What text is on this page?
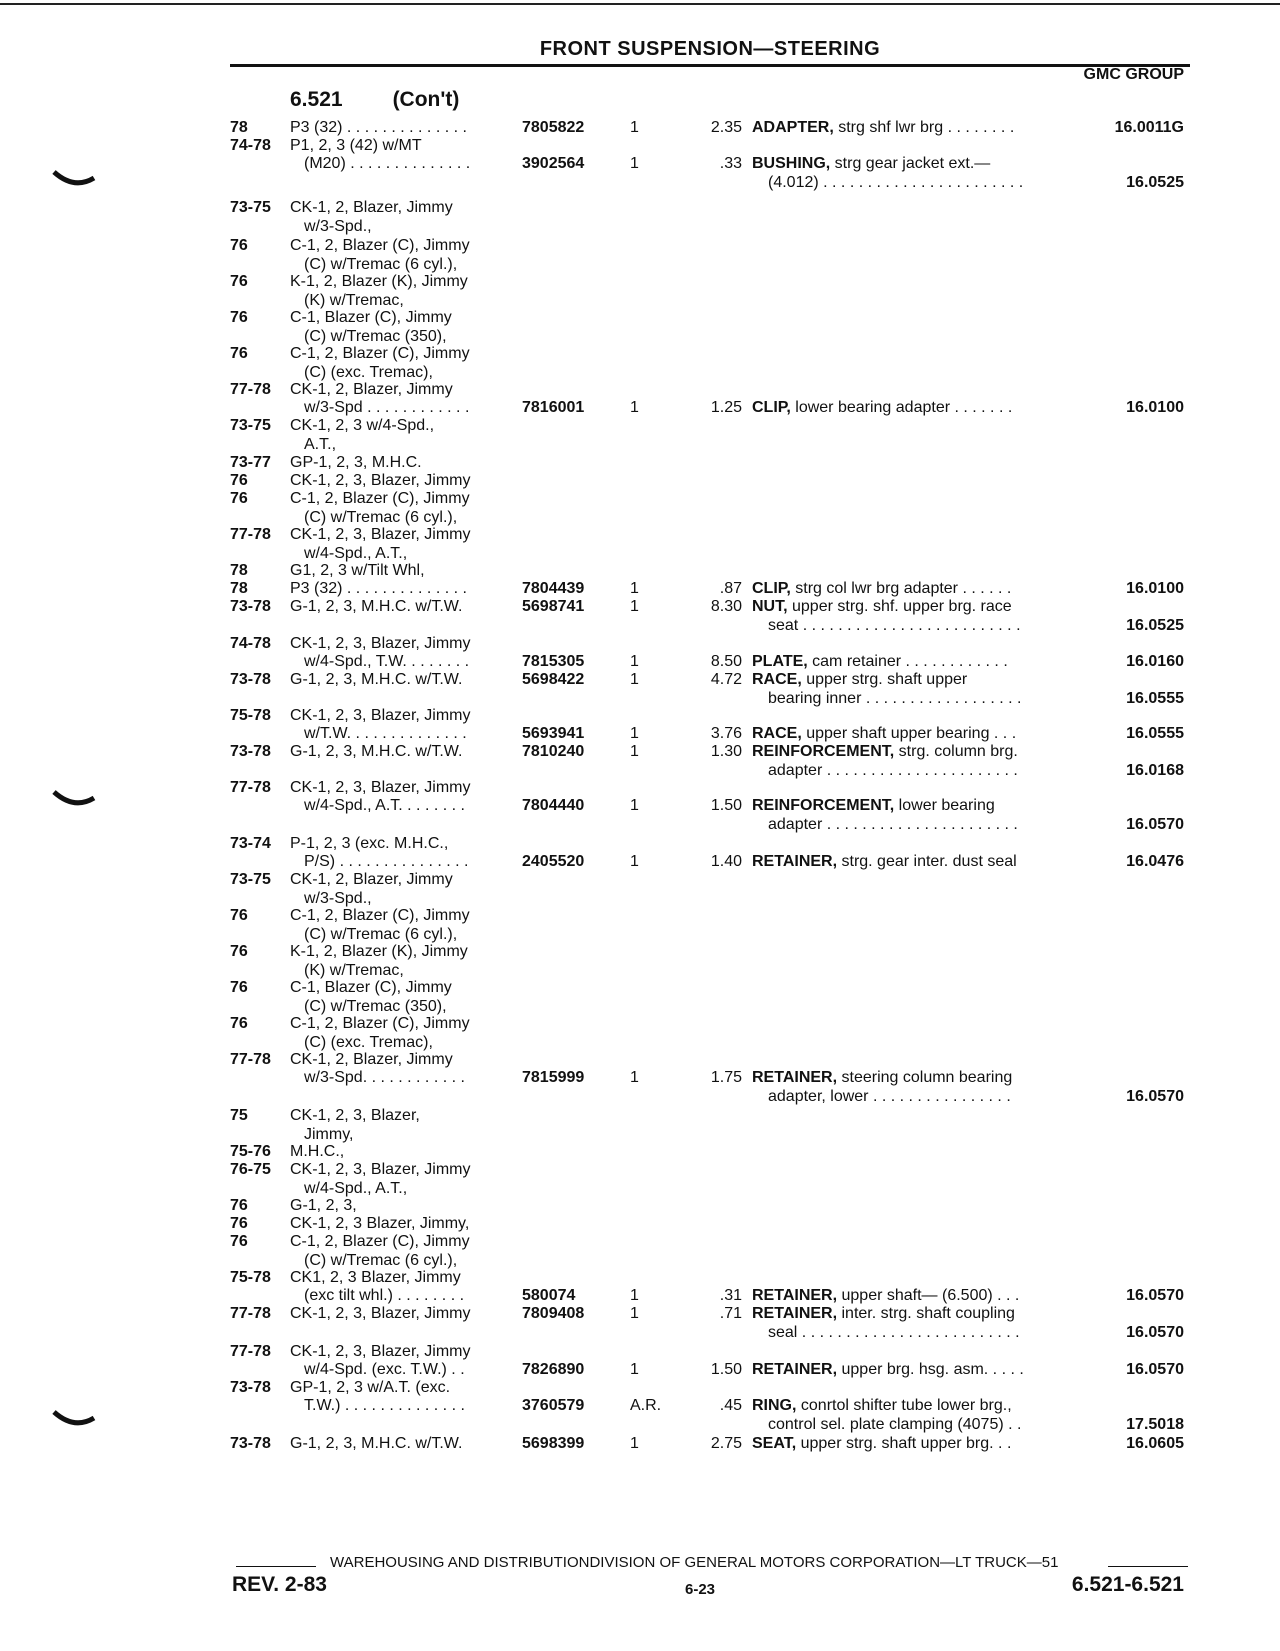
FRONT SUSPENSION—STEERING
GMC GROUP
6.521 (Con't)
78	P3 (32) . . . . . . . . . . . . . .	7805822	1	2.35 ADAPTER, strg shf lwr brg . . . . . . . .	16.0011G
74-78	P1, 2, 3 (42) w/MT
(M20) . . . . . . . . . . . . . .	3902564	1	.33 BUSHING, strg gear jacket ext.—
(4.012) . . . . . . . . . . . . . . . . . . . . . . .	16.0525
73-75	CK-1, 2, Blazer, Jimmy
w/3-Spd.,
76	C-1, 2, Blazer (C), Jimmy
(C) w/Tremac (6 cyl.),
76	K-1, 2, Blazer (K), Jimmy
(K) w/Tremac,
76	C-1, Blazer (C), Jimmy
(C) w/Tremac (350),
76	C-1, 2, Blazer (C), Jimmy
(C) (exc. Tremac),
77-78	CK-1, 2, Blazer, Jimmy
w/3-Spd . . . . . . . . . . . .	7816001	1	1.25 CLIP, lower bearing adapter . . . . . . .	16.0100
73-75	CK-1, 2, 3 w/4-Spd.,
A.T.,
73-77	GP-1, 2, 3, M.H.C.
76	CK-1, 2, 3, Blazer, Jimmy
76	C-1, 2, Blazer (C), Jimmy
(C) w/Tremac (6 cyl.),
77-78	CK-1, 2, 3, Blazer, Jimmy
w/4-Spd., A.T.,
78	G1, 2, 3 w/Tilt Whl,
78	P3 (32) . . . . . . . . . . . . . .	7804439	1	.87 CLIP, strg col lwr brg adapter . . . . . .	16.0100
73-78	G-1, 2, 3, M.H.C. w/T.W.	5698741	1	8.30 NUT, upper strg. shf. upper brg. race
seat . . . . . . . . . . . . . . . . . . . . . . . . .	16.0525
74-78	CK-1, 2, 3, Blazer, Jimmy
w/4-Spd., T.W. . . . . . . .	7815305	1	8.50 PLATE, cam retainer . . . . . . . . . . . .	16.0160
73-78	G-1, 2, 3, M.H.C. w/T.W.	5698422	1	4.72 RACE, upper strg. shaft upper
bearing inner . . . . . . . . . . . . . . . . . .	16.0555
75-78	CK-1, 2, 3, Blazer, Jimmy
w/T.W. . . . . . . . . . . . . .	5693941	1	3.76 RACE, upper shaft upper bearing . . .	16.0555
73-78	G-1, 2, 3, M.H.C. w/T.W.	7810240	1	1.30 REINFORCEMENT, strg. column brg.
adapter . . . . . . . . . . . . . . . . . . . . . .	16.0168
77-78	CK-1, 2, 3, Blazer, Jimmy
w/4-Spd., A.T. . . . . . . .	7804440	1	1.50 REINFORCEMENT, lower bearing
adapter . . . . . . . . . . . . . . . . . . . . . .	16.0570
73-74	P-1, 2, 3 (exc. M.H.C.,
P/S) . . . . . . . . . . . . . . .	2405520	1	1.40 RETAINER, strg. gear inter. dust seal	16.0476
73-75	CK-1, 2, Blazer, Jimmy
w/3-Spd.,
76	C-1, 2, Blazer (C), Jimmy
(C) w/Tremac (6 cyl.),
76	K-1, 2, Blazer (K), Jimmy
(K) w/Tremac,
76	C-1, Blazer (C), Jimmy
(C) w/Tremac (350),
76	C-1, 2, Blazer (C), Jimmy
(C) (exc. Tremac),
77-78	CK-1, 2, Blazer, Jimmy
w/3-Spd. . . . . . . . . . . .	7815999	1	1.75 RETAINER, steering column bearing
adapter, lower . . . . . . . . . . . . . . . .	16.0570
75	CK-1, 2, 3, Blazer,
Jimmy,
75-76	M.H.C.,
76-75	CK-1, 2, 3, Blazer, Jimmy
w/4-Spd., A.T.,
76	G-1, 2, 3,
76	CK-1, 2, 3 Blazer, Jimmy,
76	C-1, 2, Blazer (C), Jimmy
(C) w/Tremac (6 cyl.),
75-78	CK1, 2, 3 Blazer, Jimmy
(exc tilt whl.) . . . . . . . .	580074	1	.31 RETAINER, upper shaft— (6.500) . . .	16.0570
77-78	CK-1, 2, 3, Blazer, Jimmy	7809408	1	.71 RETAINER, inter. strg. shaft coupling
seal . . . . . . . . . . . . . . . . . . . . . . . . .	16.0570
77-78	CK-1, 2, 3, Blazer, Jimmy
w/4-Spd. (exc. T.W.) . .	7826890	1	1.50 RETAINER, upper brg. hsg. asm. . . . .	16.0570
73-78	GP-1, 2, 3 w/A.T. (exc.
T.W.) . . . . . . . . . . . . . .	3760579	A.R.	.45 RING, conrtol shifter tube lower brg.,
control sel. plate clamping (4075) . .	17.5018
73-78	G-1, 2, 3, M.H.C. w/T.W.	5698399	1	2.75 SEAT, upper strg. shaft upper brg. . .	16.0605
WAREHOUSING AND DISTRIBUTIONDIVISION OF GENERAL MOTORS CORPORATION—LT TRUCK—51
REV. 2-83	6-23	6.521-6.521
